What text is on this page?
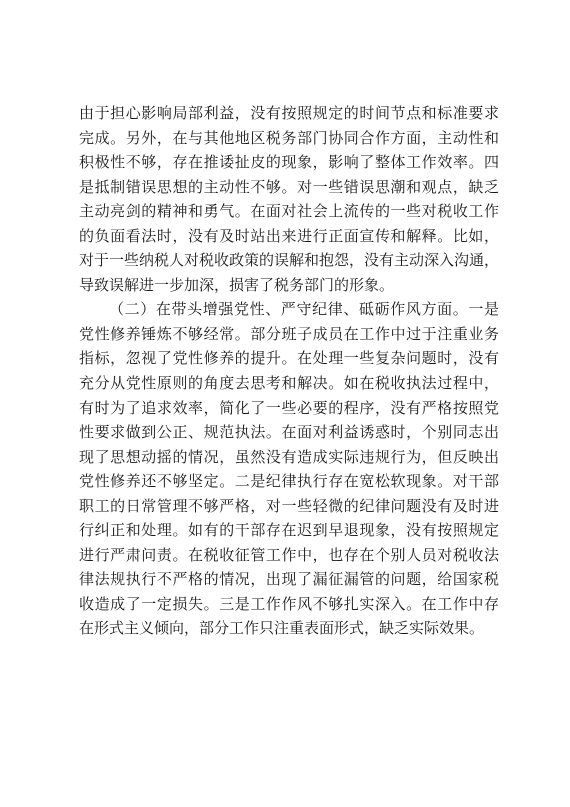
由于担心影响局部利益，没有按照规定的时间节点和标准要求
完成。另外，在与其他地区税务部门协同合作方面，主动性和
积极性不够，存在推诿扯皮的现象，影响了整体工作效率。四
是抵制错误思想的主动性不够。对一些错误思潮和观点，缺乏
主动亮剑的精神和勇气。在面对社会上流传的一些对税收工作
的负面看法时，没有及时站出来进行正面宣传和解释。比如，
对于一些纳税人对税收政策的误解和抱怨，没有主动深入沟通，
导致误解进一步加深，损害了税务部门的形象。
（二）在带头增强党性、严守纪律、砥砺作风方面。一是
党性修养锤炼不够经常。部分班子成员在工作中过于注重业务
指标，忽视了党性修养的提升。在处理一些复杂问题时，没有
充分从党性原则的角度去思考和解决。如在税收执法过程中，
有时为了追求效率，简化了一些必要的程序，没有严格按照党
性要求做到公正、规范执法。在面对利益诱惑时，个别同志出
现了思想动摇的情况，虽然没有造成实际违规行为，但反映出
党性修养还不够坚定。二是纪律执行存在宽松软现象。对干部
职工的日常管理不够严格，对一些轻微的纪律问题没有及时进
行纠正和处理。如有的干部存在迟到早退现象，没有按照规定
进行严肃问责。在税收征管工作中，也存在个别人员对税收法
律法规执行不严格的情况，出现了漏征漏管的问题，给国家税
收造成了一定损失。三是工作作风不够扎实深入。在工作中存
在形式主义倾向，部分工作只注重表面形式，缺乏实际效果。
